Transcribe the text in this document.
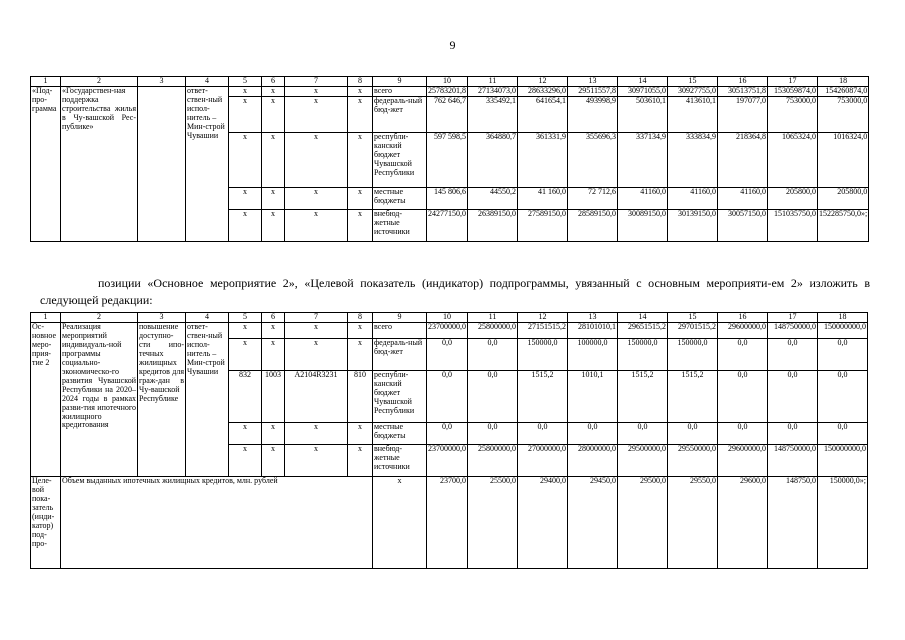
9
1	2	3	4	5	6	7	8	9	10	11	12	13	14	15	16	17	18
«Под-про-грамма	«Государствен-ная поддержка строительства жилья в Чу-вашской Рес-публике»		ответ-ствен-ный испол-нитель – Мин-строй Чувашии	x	x	x	x	всего	25783201,8	27134073,0	28633296,0	29511557,8	30971055,0	30927755,0	30513751,8	153059874,0	154260874,0
				x	x	x	x	федераль-ный бюд-жет	762 646,7	335492,1	641654,1	493998,9	503610,1	413610,1	197077,0	753000,0	753000,0
				x	x	x	x	республи-канский бюджет Чувашской Республики	597 598,5	364880,7	361331,9	355696,3	337134,9	333834,9	218364,8	1065324,0	1016324,0
				x	x	x	x	местные бюджеты	145 806,6	44550,2	41 160,0	72 712,6	41160,0	41160,0	41160,0	205800,0	205800,0
				x	x	x	x	внебюд-жетные источники	24277150,0	26389150,0	27589150,0	28589150,0	30089150,0	30139150,0	30057150,0	151035750,0	152285750,0»;

позиции «Основное мероприятие 2», «Целевой показатель (индикатор) подпрограммы, увязанный с основным мероприяти-ем 2» изложить в следующей редакции:

1	2	3	4	5	6	7	8	9	10	11	12	13	14	15	16	17	18
Ос-новное меро-прия-тие 2	Реализация мероприятий индивидуаль-ной программы социально-экономическо-го развития Чувашской Республики на 2020–2024 годы в рамках разви-тия ипотечного жилищного кредитования	повышение доступно-сти ипо-течных жилищных кредитов для граж-дан в Чу-вашской Республике	ответ-ствен-ный испол-нитель – Мин-строй Чувашии	x	x	x	x	всего	23700000,0	25800000,0	27151515,2	28101010,1	29651515,2	29701515,2	29600000,0	148750000,0	150000000,0
				x	x	x	x	федераль-ный бюд-жет	0,0	0,0	150000,0	100000,0	150000,0	150000,0	0,0	0,0	0,0
				832	1003	A2104R3231	810	республи-канский бюджет Чувашской Республики	0,0	0,0	1515,2	1010,1	1515,2	1515,2	0,0	0,0	0,0
				x	x	x	x	местные бюджеты	0,0	0,0	0,0	0,0	0,0	0,0	0,0	0,0	0,0
				x	x	x	x	внебюд-жетные источники	23700000,0	25800000,0	27000000,0	28000000,0	29500000,0	29550000,0	29600000,0	148750000,0	150000000,0
Целе-вой пока-затель (инди-катор) под-про-	Объем выданных ипотечных жилищных кредитов, млн. рублей							x	23700,0	25500,0	29400,0	29450,0	29500,0	29550,0	29600,0	148750,0	150000,0»;
